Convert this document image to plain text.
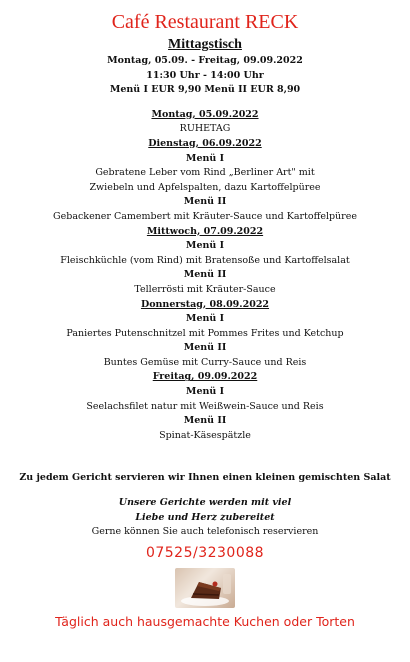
Café Restaurant RECK
Mittagstisch
Montag, 05.09. - Freitag, 09.09.2022
11:30 Uhr - 14:00 Uhr
Menü I EUR 9,90 Menü II EUR 8,90
Montag, 05.09.2022
RUHETAG
Dienstag, 06.09.2022
Menü I
Gebratene Leber vom Rind „Berliner Art" mit
Zwiebeln und Apfelspalten, dazu Kartoffelpüree
Menü II
Gebackener Camembert mit Kräuter-Sauce und Kartoffelpüree
Mittwoch, 07.09.2022
Menü I
Fleischküchle (vom Rind) mit Bratensoße und Kartoffelsalat
Menü II
Tellerrösti mit Kräuter-Sauce
Donnerstag, 08.09.2022
Menü I
Paniertes Putenschnitzel mit Pommes Frites und Ketchup
Menü II
Buntes Gemüse mit Curry-Sauce und Reis
Freitag, 09.09.2022
Menü I
Seelachsfilet natur mit Weißwein-Sauce und Reis
Menü II
Spinat-Käsespätzle
Zu jedem Gericht servieren wir Ihnen einen kleinen gemischten Salat
Unsere Gerichte werden mit viel
Liebe und Herz zubereitet
Gerne können Sie auch telefonisch reservieren
07525/3230088
Täglich auch hausgemachte Kuchen oder Torten
